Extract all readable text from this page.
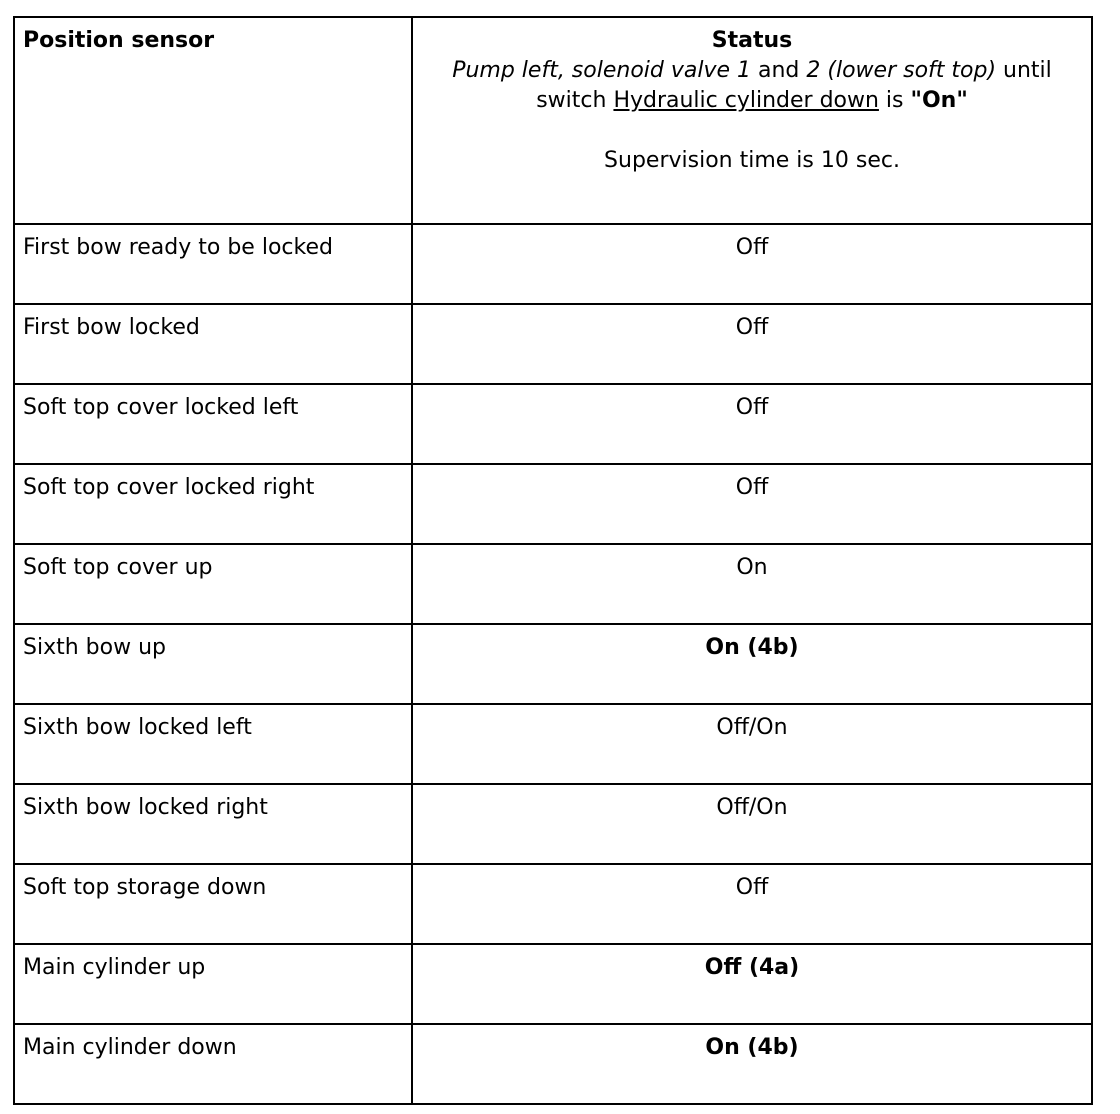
Position sensor	Status
Pump left, solenoid valve 1 and 2 (lower soft top) until switch Hydraulic cylinder down is "On"
Supervision time is 10 sec.

First bow ready to be locked	Off
First bow locked	Off
Soft top cover locked left	Off
Soft top cover locked right	Off
Soft top cover up	On
Sixth bow up	On (4b)
Sixth bow locked left	Off/On
Sixth bow locked right	Off/On
Soft top storage down	Off
Main cylinder up	Off (4a)
Main cylinder down	On (4b)
